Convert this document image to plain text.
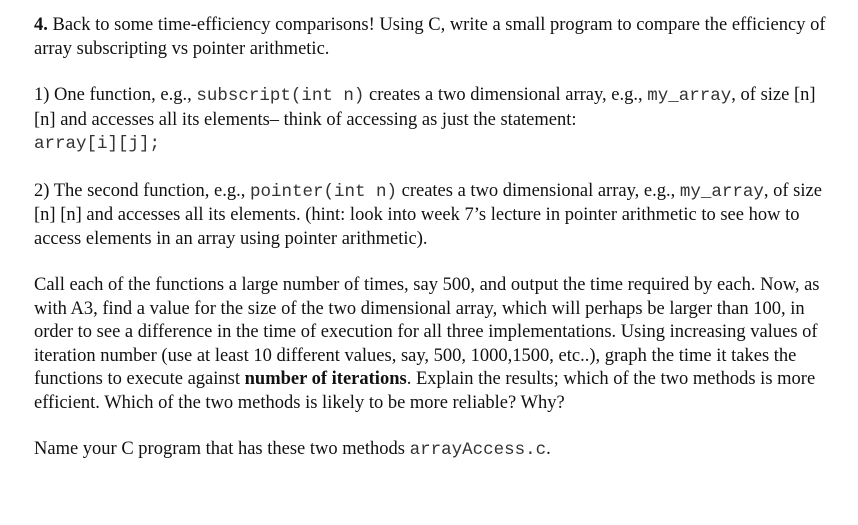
4. Back to some time-efficiency comparisons! Using C, write a small program to compare the efficiency of array subscripting vs pointer arithmetic.

1) One function, e.g., subscript(int n) creates a two dimensional array, e.g., my_array, of size [n] [n] and accesses all its elements– think of accessing as just the statement:
array[i][j];

2) The second function, e.g., pointer(int n) creates a two dimensional array, e.g., my_array, of size [n] [n] and accesses all its elements. (hint: look into week 7’s lecture in pointer arithmetic to see how to access elements in an array using pointer arithmetic).

Call each of the functions a large number of times, say 500, and output the time required by each. Now, as with A3, find a value for the size of the two dimensional array, which will perhaps be larger than 100, in order to see a difference in the time of execution for all three implementations. Using increasing values of iteration number (use at least 10 different values, say, 500, 1000,1500, etc..), graph the time it takes the functions to execute against number of iterations. Explain the results; which of the two methods is more efficient. Which of the two methods is likely to be more reliable? Why?

Name your C program that has these two methods arrayAccess.c.
